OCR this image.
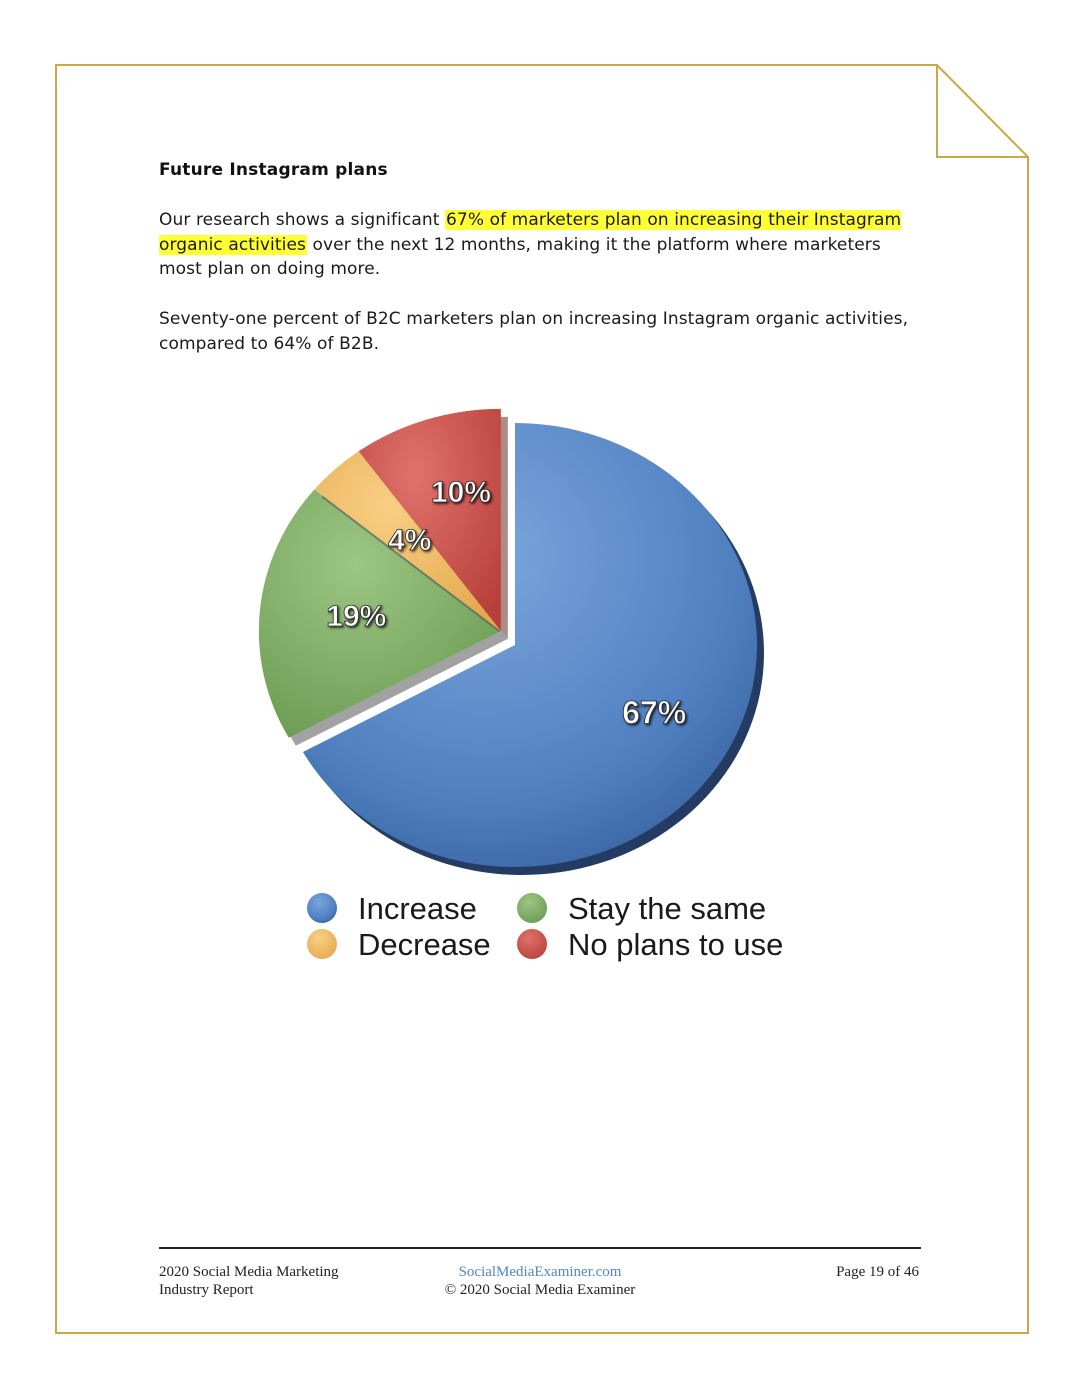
Future Instagram plans
Our research shows a significant 67% of marketers plan on increasing their Instagram organic activities over the next 12 months, making it the platform where marketers most plan on doing more.
Seventy-one percent of B2C marketers plan on increasing Instagram organic activities, compared to 64% of B2B.
67%
19%
4%
10%
Increase	Stay the same
Decrease No plans to use
2020 Social Media Marketing
Industry Report
SocialMediaExaminer.com
© 2020 Social Media Examiner
Page 19 of 46
